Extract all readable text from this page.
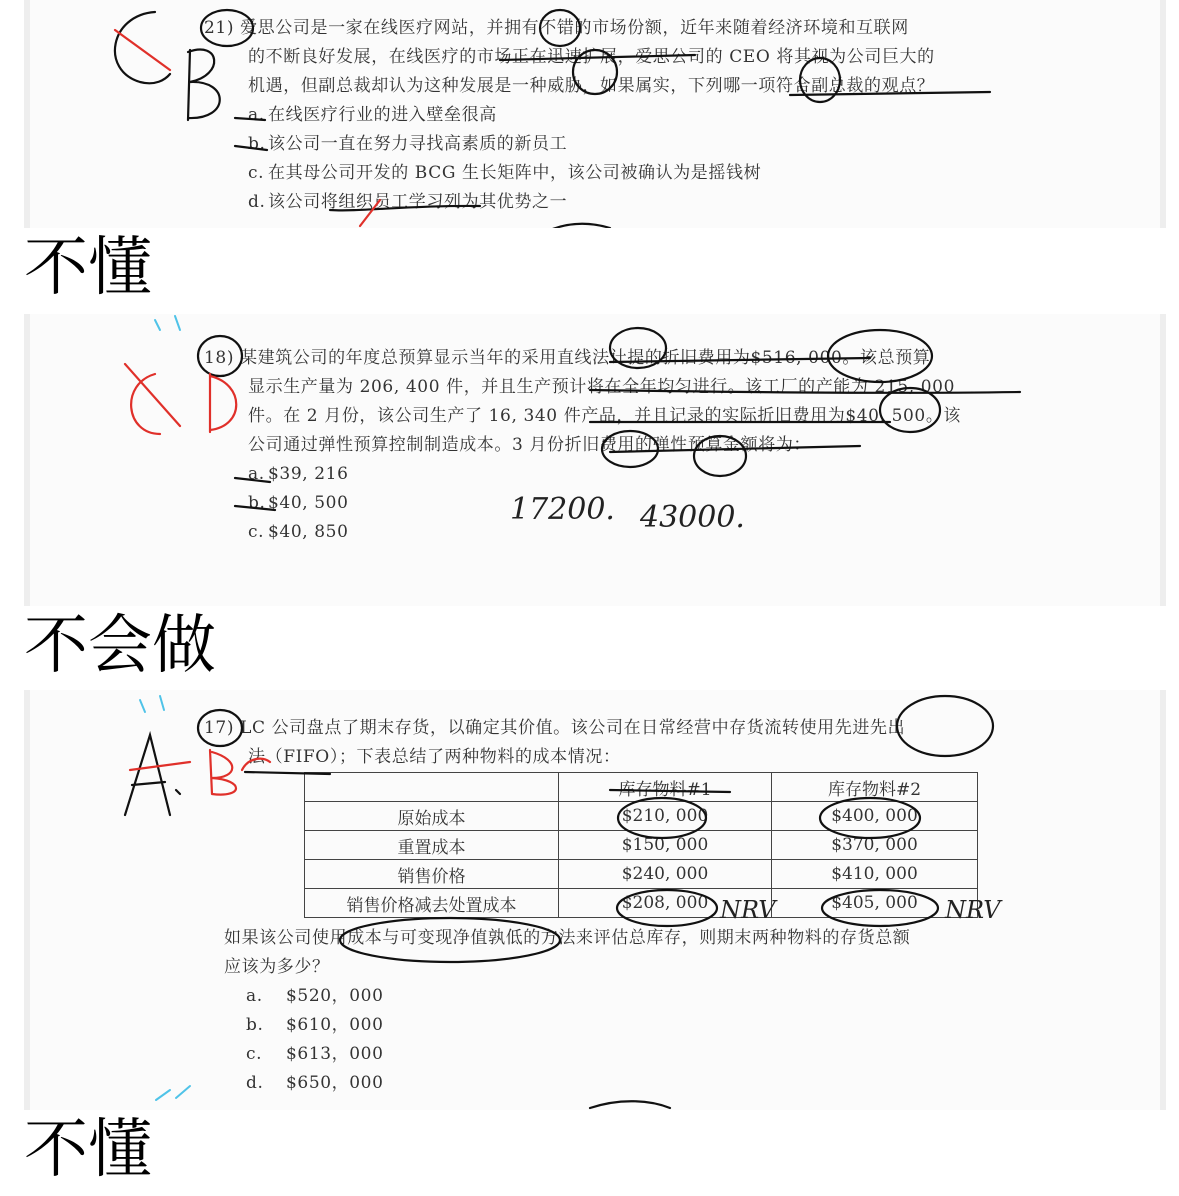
21) 爱思公司是一家在线医疗网站，并拥有不错的市场份额，近年来随着经济环境和互联网
的不断良好发展，在线医疗的市场正在迅速扩展，爱思公司的 CEO 将其视为公司巨大的
机遇，但副总裁却认为这种发展是一种威胁，如果属实，下列哪一项符合副总裁的观点？
a. 在线医疗行业的进入壁垒很高
b. 该公司一直在努力寻找高素质的新员工
c. 在其母公司开发的 BCG 生长矩阵中，该公司被确认为是摇钱树
d. 该公司将组织员工学习列为其优势之一
不懂
18) 某建筑公司的年度总预算显示当年的采用直线法计提的折旧费用为$516, 000。该总预算
显示生产量为 206, 400 件，并且生产预计将在全年均匀进行。该工厂的产能为 215, 000
件。在 2 月份，该公司生产了 16, 340 件产品，并且记录的实际折旧费用为$40, 500。该
公司通过弹性预算控制制造成本。3 月份折旧费用的弹性预算金额将为：
a. $39, 216
b. $40, 500
c. $40, 850
17200. 43000.
不会做
17) LC 公司盘点了期末存货，以确定其价值。该公司在日常经营中存货流转使用先进先出
法（FIFO）；下表总结了两种物料的成本情况：
	库存物料#1	库存物料#2
原始成本	$210, 000	$400, 000
重置成本	$150, 000	$370, 000
销售价格	$240, 000	$410, 000
销售价格减去处置成本	$208, 000	$405, 000
如果该公司使用成本与可变现净值孰低的方法来评估总库存，则期末两种物料的存货总额
应该为多少？
a. $520，000
b. $610，000
c. $613，000
d. $650，000
NRV	NRV
不懂
